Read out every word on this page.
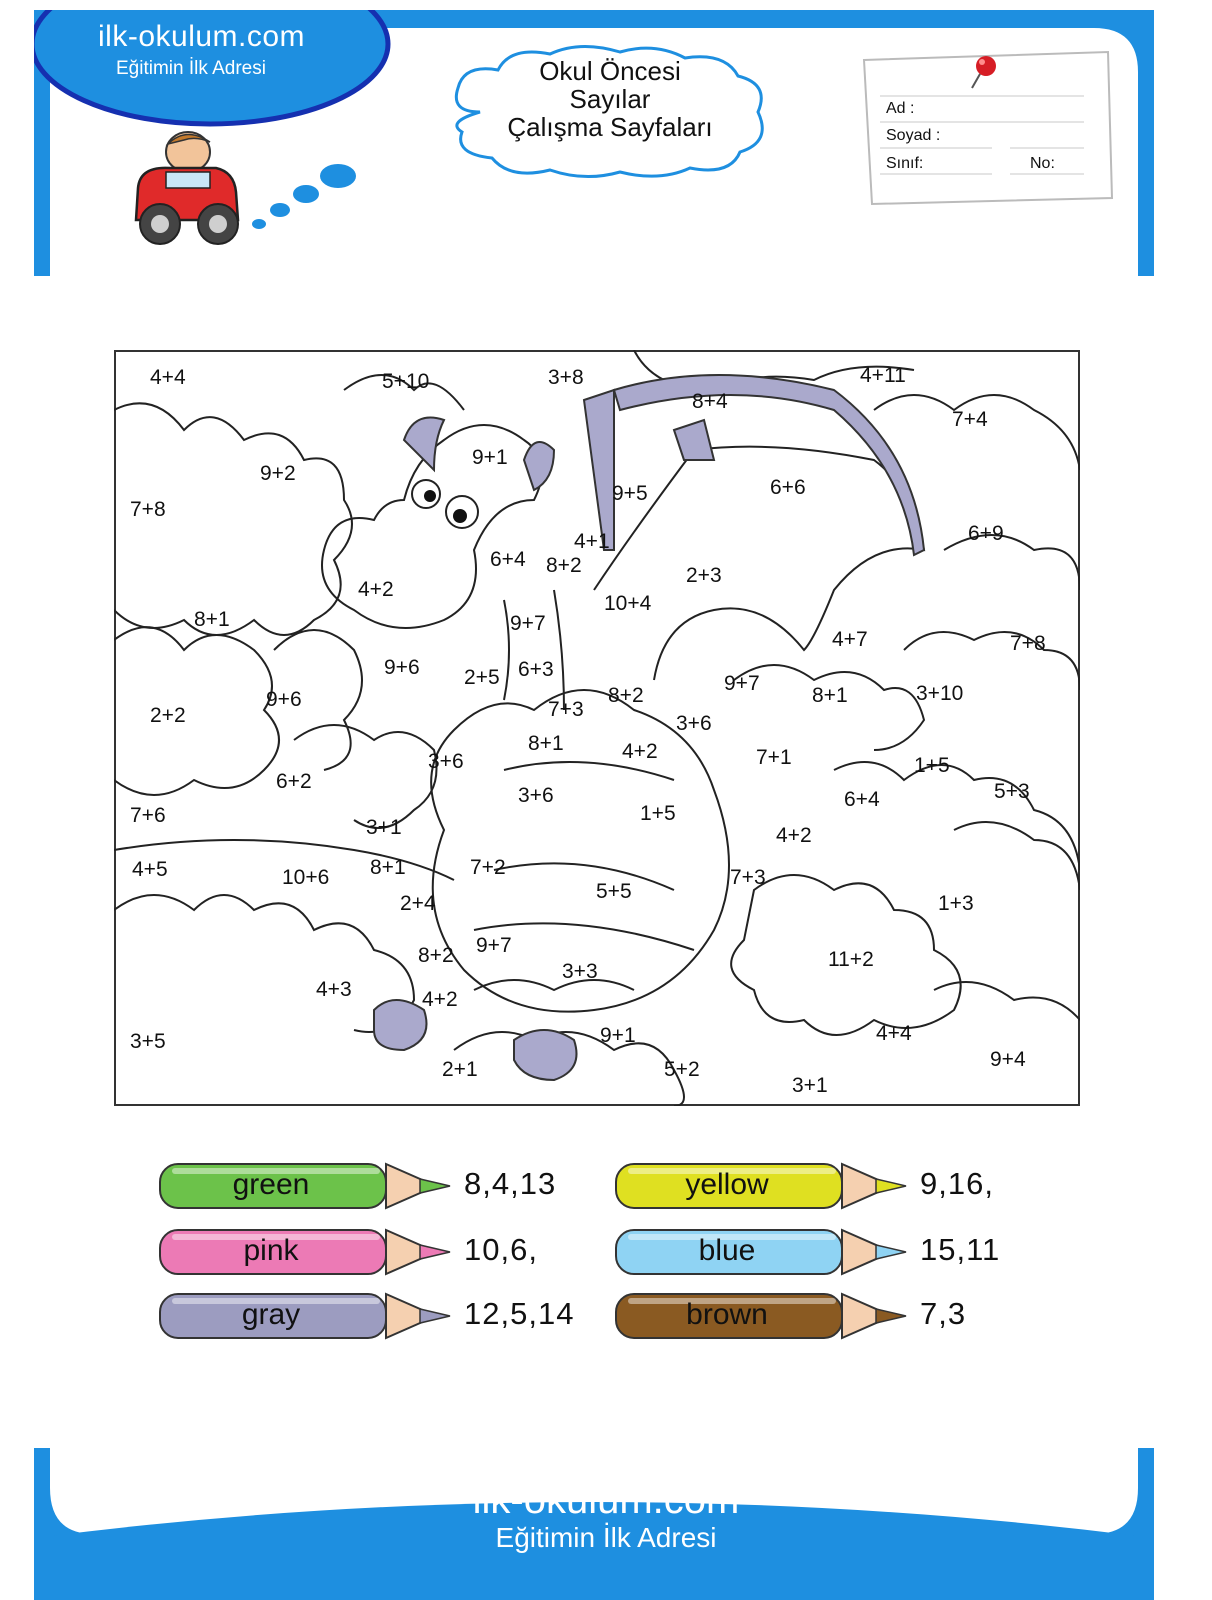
ilk-okulum.com
Eğitimin İlk Adresi	Okul Öncesi
Sayılar
Çalışma Sayfaları
Ad :
Soyad :
Sınıf:	No:
4+4	5+10	3+8	4+11
8+4
7+4
9+1
9+2
7+8
9+5	6+6
6+9
4+1
6+4 8+2	2+3
4+2
10+4
9+7
8+1
4+7	7+8
9+6 2+5 6+3
9+6
9+7
8+1	3+10
2+2	7+3
8+2
3+6
8+1	4+2	7+1
3+6	1+5
6+2
3+6	6+4	5+3
7+6
3+1
1+5
4+2
4+5	10+6 8+1	7+2	7+3
5+5
2+4	1+3
8+2 9+7
11+2
3+3
4+3	4+2
3+5	9+1	4+4
9+4
2+1	5+2
3+1
green	8,4,13	yellow	9,16,
pink	10,6,	blue	15,11
gray	12,5,14	brown	7,3
ilk-okulum.com
Eğitimin İlk Adresi
